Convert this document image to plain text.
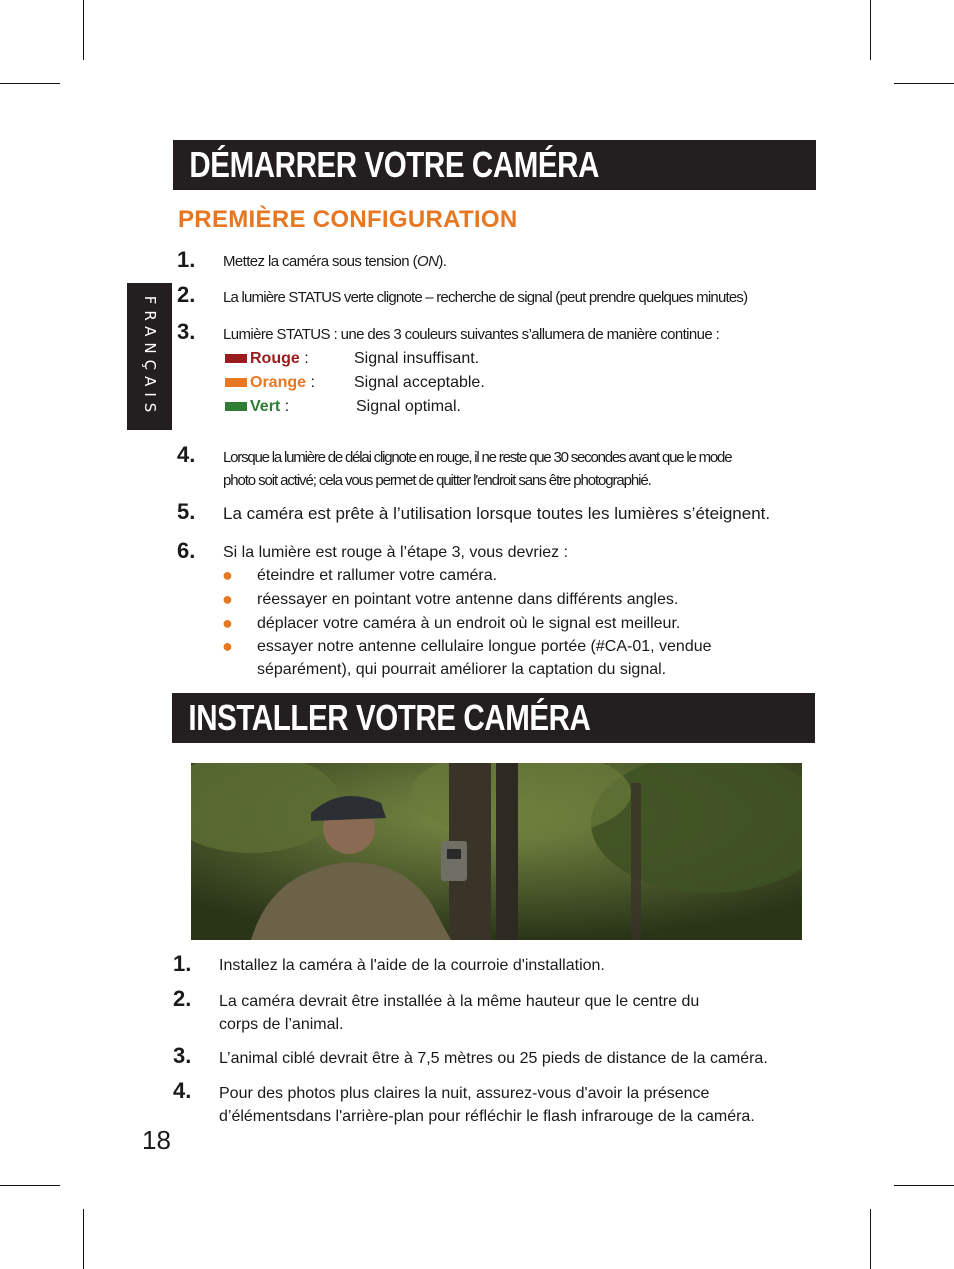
FRANÇAIS
DÉMARRER VOTRE CAMÉRA
PREMIÈRE CONFIGURATION
1. Mettez la caméra sous tension (ON).
2. La lumière STATUS verte clignote – recherche de signal (peut prendre quelques minutes)
3. Lumière STATUS : une des 3 couleurs suivantes s’allumera de manière continue :
Rouge :	Signal insuffisant.
Orange : Signal acceptable.
Vert :	Signal optimal.
4. Lorsque la lumière de délai clignote en rouge, il ne reste que 30 secondes avant que le mode
photo soit activé; cela vous permet de quitter l'endroit sans être photographié.
5. La caméra est prête à l’utilisation lorsque toutes les lumières s’éteignent.
6. Si la lumière est rouge à l’étape 3, vous devriez :
● éteindre et rallumer votre caméra.
● réessayer en pointant votre antenne dans différents angles.
● déplacer votre caméra à un endroit où le signal est meilleur.
● essayer notre antenne cellulaire longue portée (#CA-01, vendue
séparément), qui pourrait améliorer la captation du signal.
INSTALLER VOTRE CAMÉRA
1. Installez la caméra à l'aide de la courroie d'installation.
2. La caméra devrait être installée à la même hauteur que le centre du
corps de l’animal.
3. L’animal ciblé devrait être à 7,5 mètres ou 25 pieds de distance de la caméra.
4. Pour des photos plus claires la nuit, assurez-vous d'avoir la présence
d’élémentsdans l'arrière-plan pour réfléchir le flash infrarouge de la caméra.
18
